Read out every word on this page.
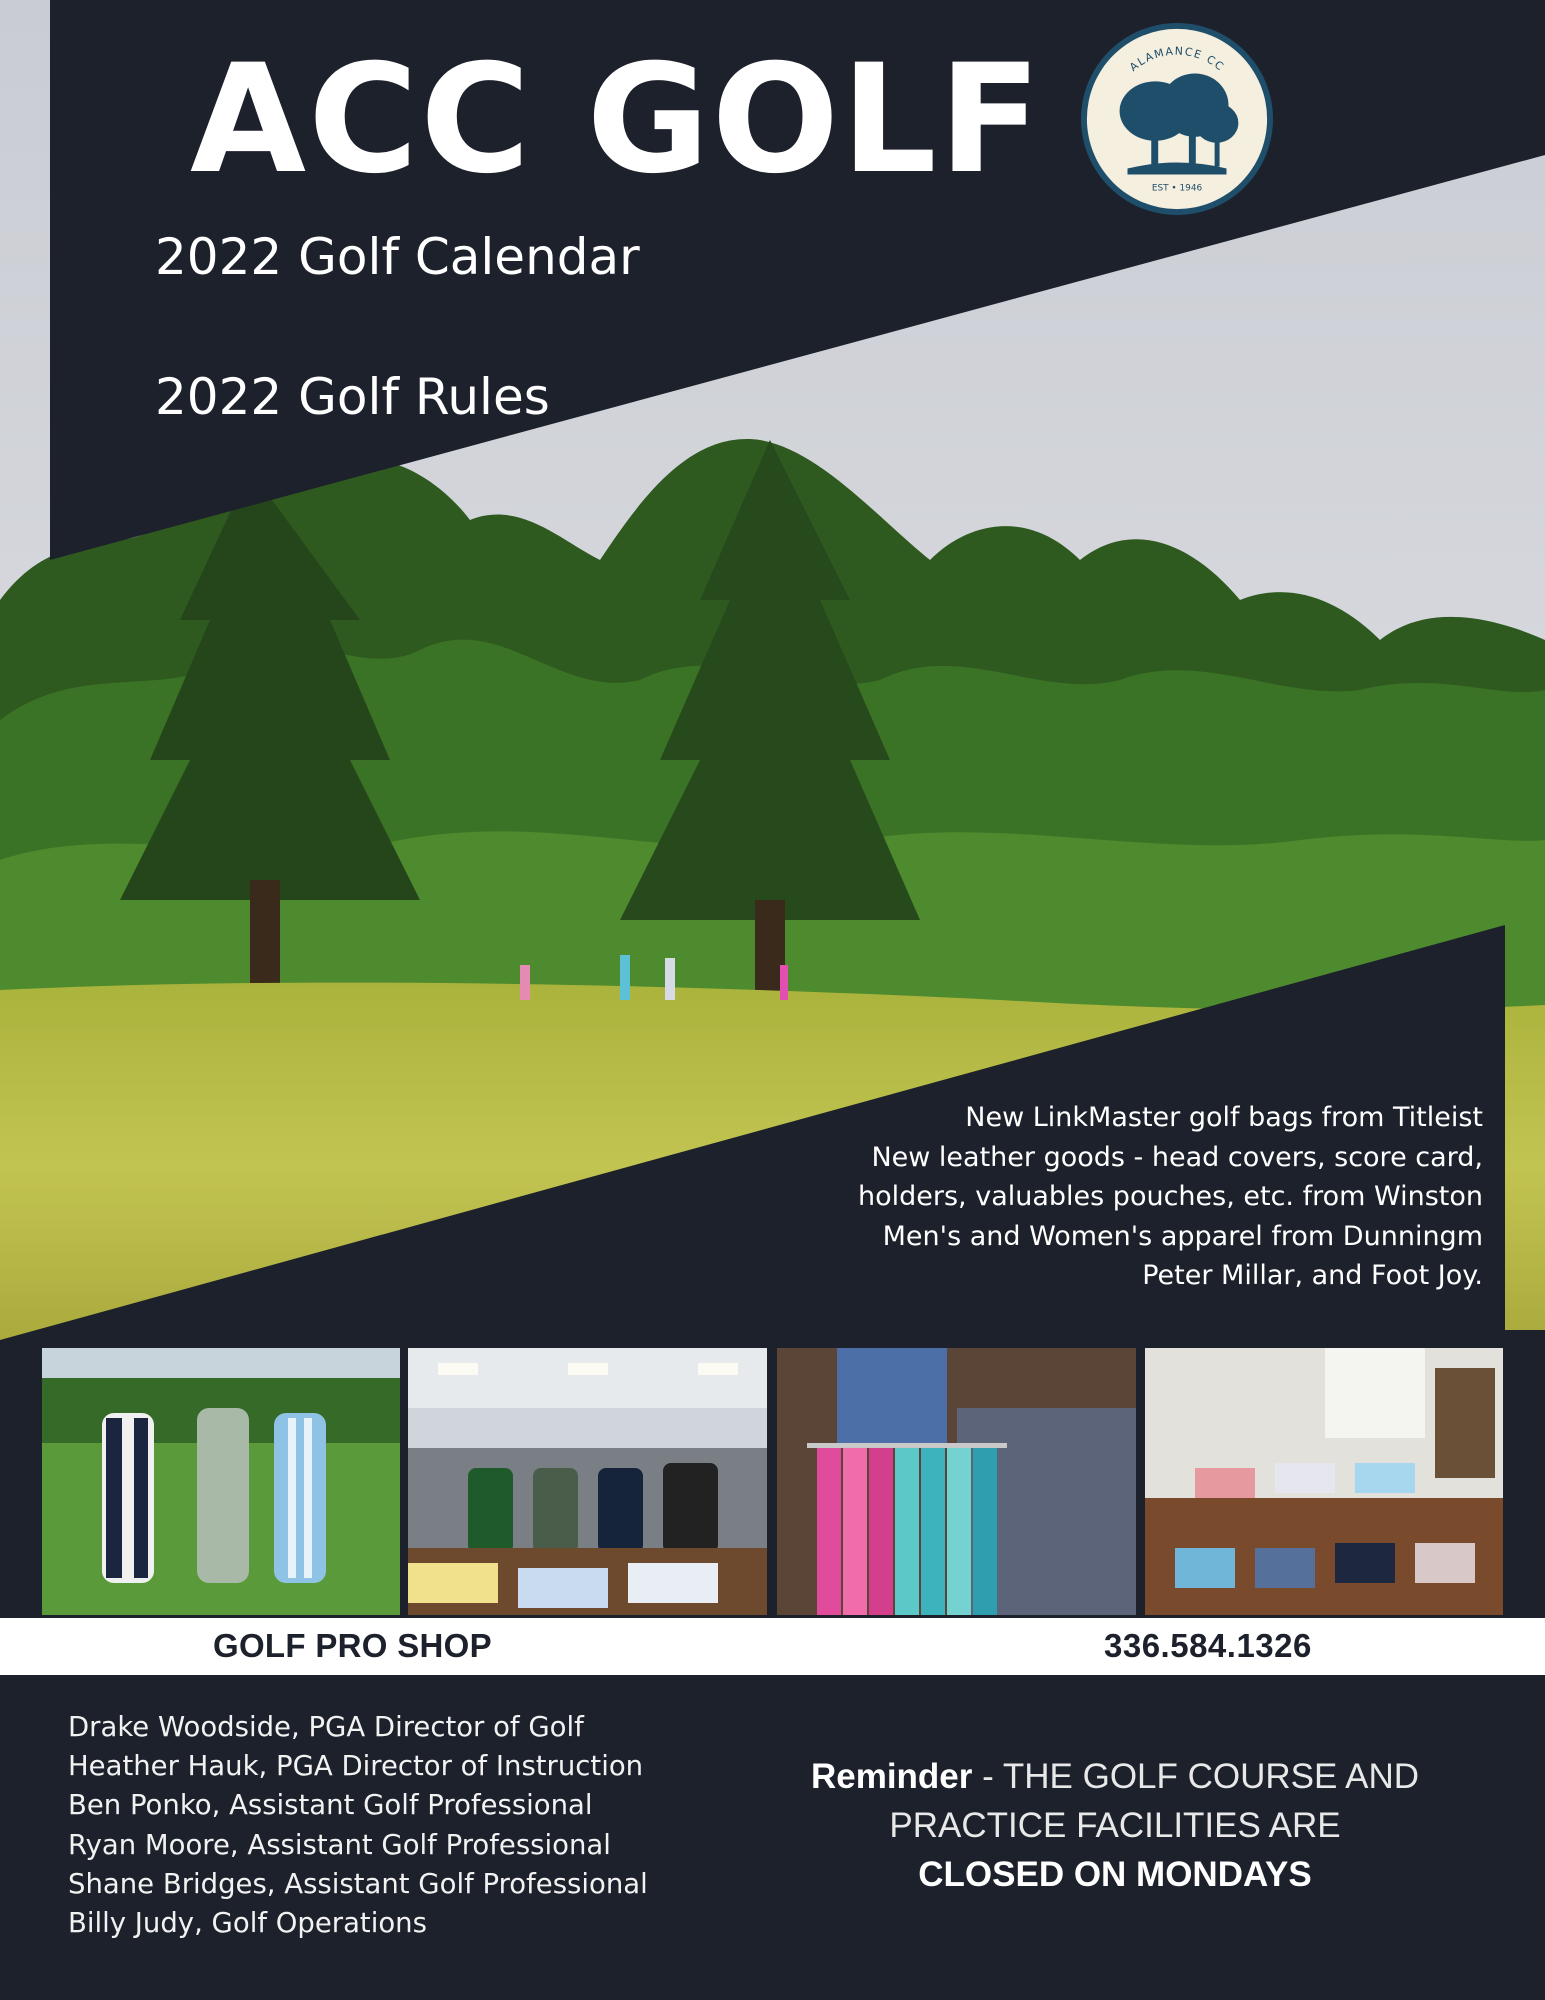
ACC GOLF
2022 Golf Calendar
2022 Golf Rules
ALAMANCE CC
EST • 1946
New LinkMaster golf bags from Titleist
New leather goods - head covers, score card,
holders, valuables pouches, etc. from Winston
Men's and Women's apparel from Dunningm
Peter Millar, and Foot Joy.
GOLF PRO SHOP	336.584.1326
Drake Woodside, PGA Director of Golf
Heather Hauk, PGA Director of Instruction
Ben Ponko, Assistant Golf Professional
Ryan Moore, Assistant Golf Professional
Shane Bridges, Assistant Golf Professional
Billy Judy, Golf Operations
Reminder - THE GOLF COURSE AND
PRACTICE FACILITIES ARE
CLOSED ON MONDAYS
